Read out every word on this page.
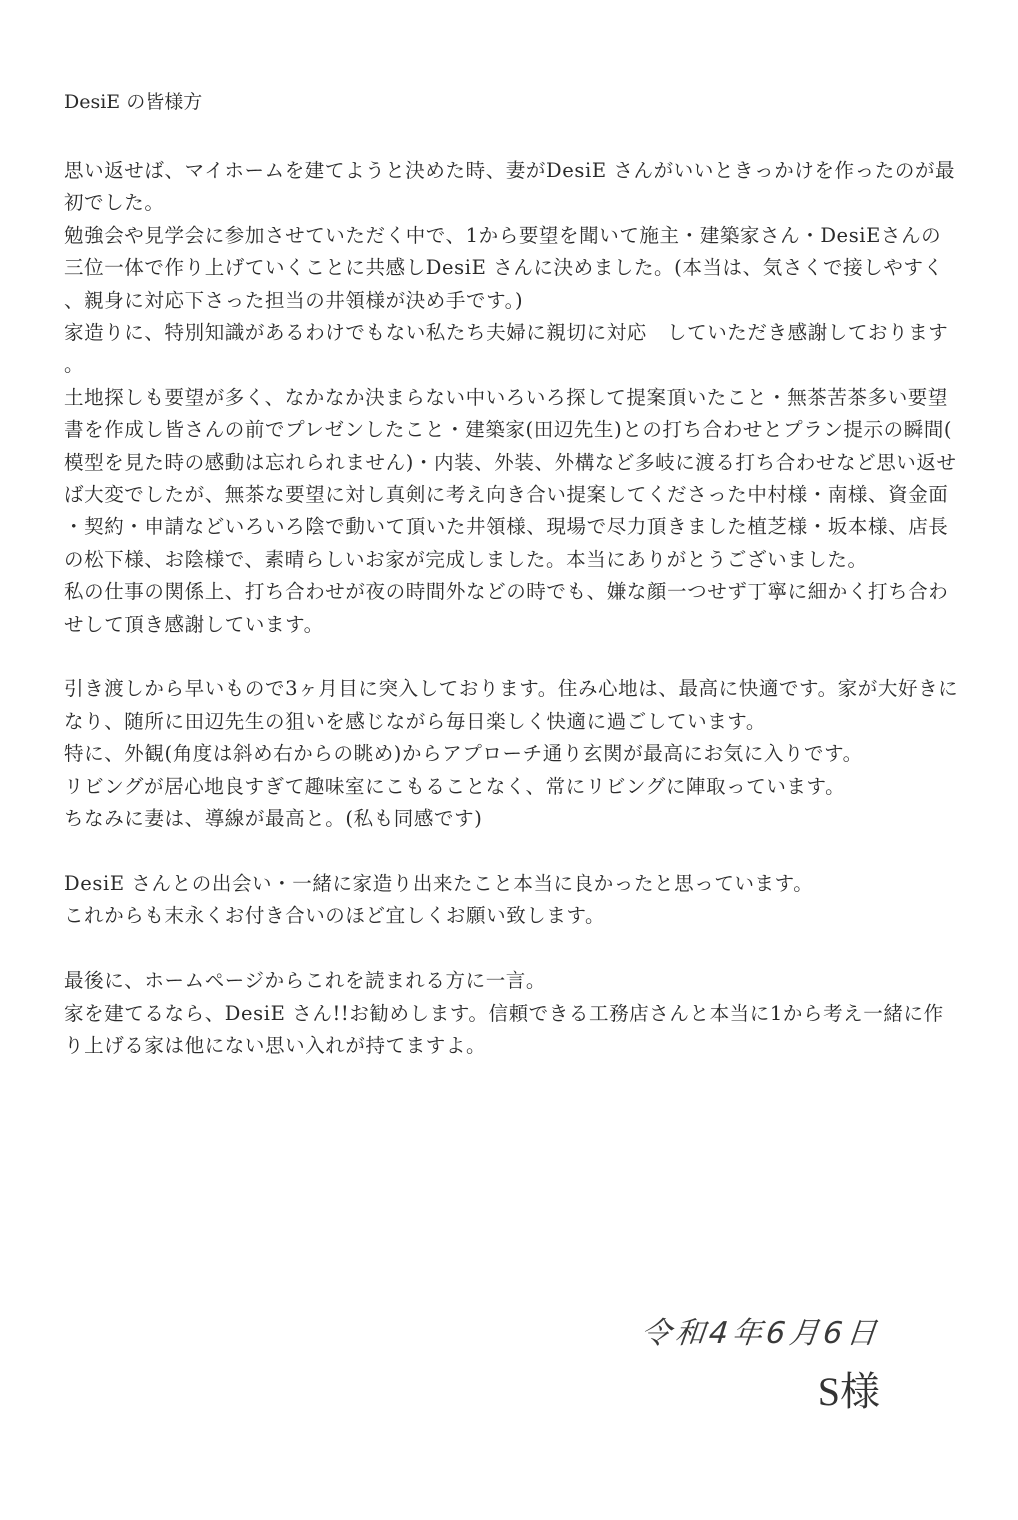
DesiE の皆様方

思い返せば、マイホームを建てようと決めた時、妻がDesiE さんがいいときっかけを作ったのが最初でした。

勉強会や見学会に参加させていただく中で、1から要望を聞いて施主・建築家さん・DesiEさんの三位一体で作り上げていくことに共感しDesiE さんに決めました。(本当は、気さくで接しやすく、親身に対応下さった担当の井領様が決め手です。)

家造りに、特別知識があるわけでもない私たち夫婦に親切に対応　していただき感謝しております。

土地探しも要望が多く、なかなか決まらない中いろいろ探して提案頂いたこと・無茶苦茶多い要望書を作成し皆さんの前でプレゼンしたこと・建築家(田辺先生)との打ち合わせとプラン提示の瞬間(模型を見た時の感動は忘れられません)・内装、外装、外構など多岐に渡る打ち合わせなど思い返せば大変でしたが、無茶な要望に対し真剣に考え向き合い提案してくださった中村様・南様、資金面・契約・申請などいろいろ陰で動いて頂いた井領様、現場で尽力頂きました植芝様・坂本様、店長の松下様、お陰様で、素晴らしいお家が完成しました。本当にありがとうございました。

私の仕事の関係上、打ち合わせが夜の時間外などの時でも、嫌な顔一つせず丁寧に細かく打ち合わせして頂き感謝しています。

引き渡しから早いもので3ヶ月目に突入しております。住み心地は、最高に快適です。家が大好きになり、随所に田辺先生の狙いを感じながら毎日楽しく快適に過ごしています。

特に、外観(角度は斜め右からの眺め)からアプローチ通り玄関が最高にお気に入りです。

リビングが居心地良すぎて趣味室にこもることなく、常にリビングに陣取っています。

ちなみに妻は、導線が最高と。(私も同感です)

DesiE さんとの出会い・一緒に家造り出来たこと本当に良かったと思っています。

これからも末永くお付き合いのほど宜しくお願い致します。

最後に、ホームページからこれを読まれる方に一言。

家を建てるなら、DesiE さん!!お勧めします。信頼できる工務店さんと本当に1から考え一緒に作り上げる家は他にない思い入れが持てますよ。

令和4年6月6日
S様
